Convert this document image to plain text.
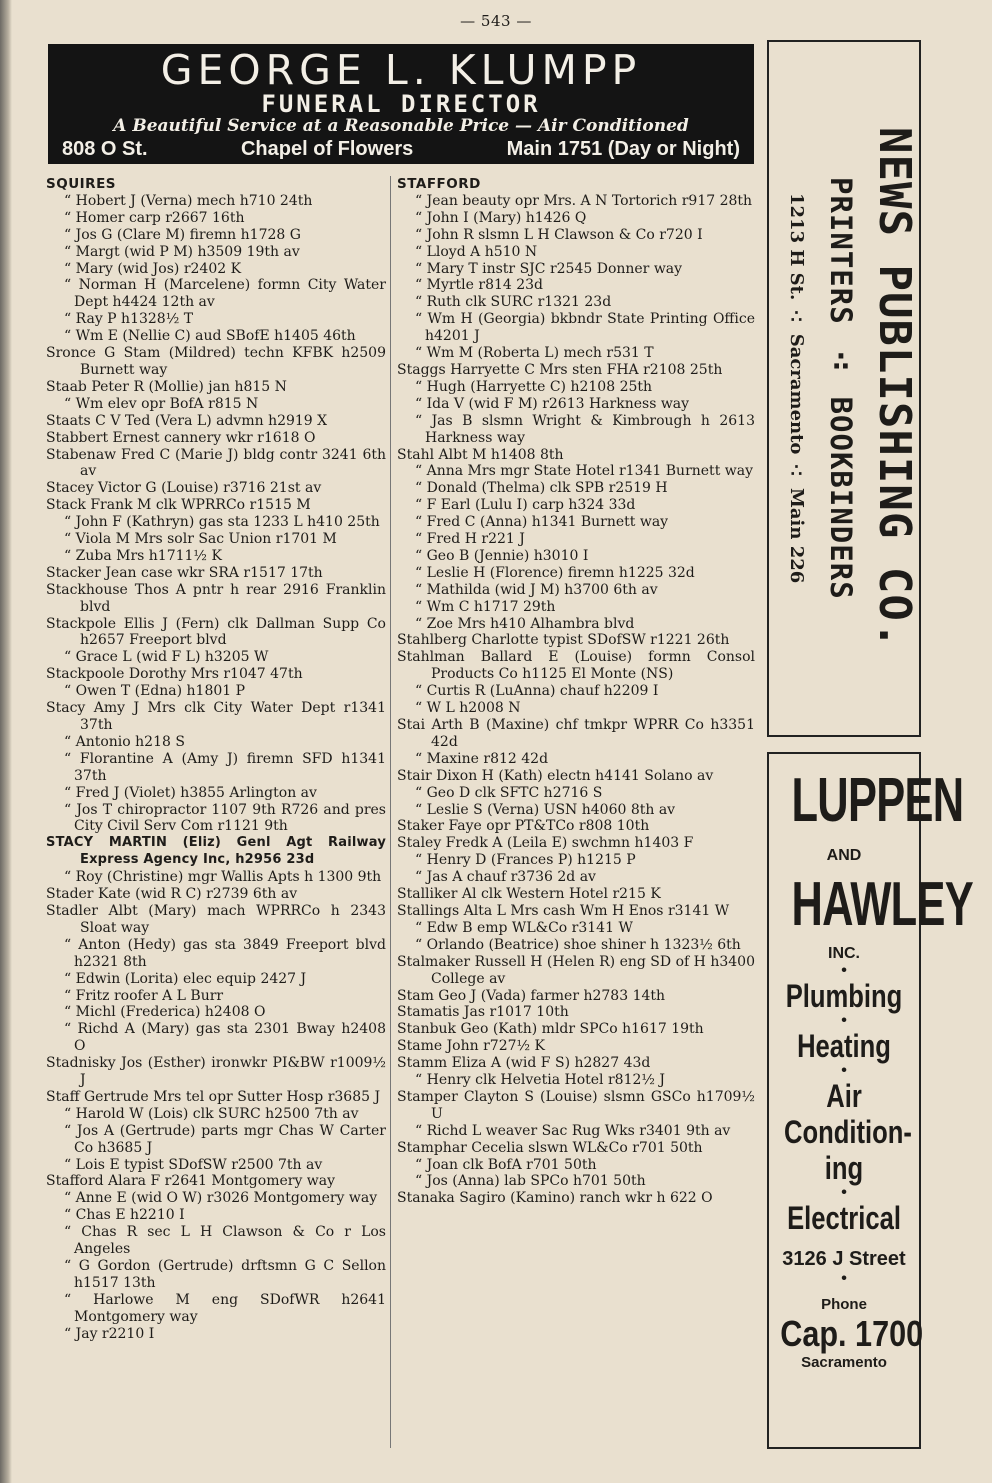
— 543 —
GEORGE L. KLUMPP
FUNERAL DIRECTOR
A Beautiful Service at a Reasonable Price — Air Conditioned
808 O St.	Chapel of Flowers	Main 1751 (Day or Night)
SQUIRES
“ Hobert J (Verna) mech h710 24th
“ Homer carp r2667 16th
“ Jos G (Clare M) firemn h1728 G
“ Margt (wid P M) h3509 19th av
“ Mary (wid Jos) r2402 K
“ Norman H (Marcelene) formn City Water Dept h4424 12th av
“ Ray P h1328½ T
“ Wm E (Nellie C) aud SBofE h1405 46th
Sronce G Stam (Mildred) techn KFBK h2509 Burnett way
Staab Peter R (Mollie) jan h815 N
“ Wm elev opr BofA r815 N
Staats C V Ted (Vera L) advmn h2919 X
Stabbert Ernest cannery wkr r1618 O
Stabenaw Fred C (Marie J) bldg contr 3241 6th av
Stacey Victor G (Louise) r3716 21st av
Stack Frank M clk WPRRCo r1515 M
“ John F (Kathryn) gas sta 1233 L h410 25th
“ Viola M Mrs solr Sac Union r1701 M
“ Zuba Mrs h1711½ K
Stacker Jean case wkr SRA r1517 17th
Stackhouse Thos A pntr h rear 2916 Franklin blvd
Stackpole Ellis J (Fern) clk Dallman Supp Co h2657 Freeport blvd
“ Grace L (wid F L) h3205 W
Stackpoole Dorothy Mrs r1047 47th
“ Owen T (Edna) h1801 P
Stacy Amy J Mrs clk City Water Dept r1341 37th
“ Antonio h218 S
“ Florantine A (Amy J) firemn SFD h1341 37th
“ Fred J (Violet) h3855 Arlington av
“ Jos T chiropractor 1107 9th R726 and pres City Civil Serv Com r1121 9th
STACY MARTIN (Eliz) Genl Agt Railway Express Agency Inc, h2956 23d
“ Roy (Christine) mgr Wallis Apts h 1300 9th
Stader Kate (wid R C) r2739 6th av
Stadler Albt (Mary) mach WPRRCo h 2343 Sloat way
“ Anton (Hedy) gas sta 3849 Freeport blvd h2321 8th
“ Edwin (Lorita) elec equip 2427 J
“ Fritz roofer A L Burr
“ Michl (Frederica) h2408 O
“ Richd A (Mary) gas sta 2301 Bway h2408 O
Stadnisky Jos (Esther) ironwkr PI&BW r1009½ J
Staff Gertrude Mrs tel opr Sutter Hosp r3685 J
“ Harold W (Lois) clk SURC h2500 7th av
“ Jos A (Gertrude) parts mgr Chas W Carter Co h3685 J
“ Lois E typist SDofSW r2500 7th av
Stafford Alara F r2641 Montgomery way
“ Anne E (wid O W) r3026 Montgomery way
“ Chas E h2210 I
“ Chas R sec L H Clawson & Co r Los Angeles
“ G Gordon (Gertrude) drftsmn G C Sellon h1517 13th
“ Harlowe M eng SDofWR h2641 Montgomery way
“ Jay r2210 I
STAFFORD
“ Jean beauty opr Mrs. A N Tortorich r917 28th
“ John I (Mary) h1426 Q
“ John R slsmn L H Clawson & Co r720 I
“ Lloyd A h510 N
“ Mary T instr SJC r2545 Donner way
“ Myrtle r814 23d
“ Ruth clk SURC r1321 23d
“ Wm H (Georgia) bkbndr State Printing Office h4201 J
“ Wm M (Roberta L) mech r531 T
Staggs Harryette C Mrs sten FHA r2108 25th
“ Hugh (Harryette C) h2108 25th
“ Ida V (wid F M) r2613 Harkness way
“ Jas B slsmn Wright & Kimbrough h 2613 Harkness way
Stahl Albt M h1408 8th
“ Anna Mrs mgr State Hotel r1341 Burnett way
“ Donald (Thelma) clk SPB r2519 H
“ F Earl (Lulu I) carp h324 33d
“ Fred C (Anna) h1341 Burnett way
“ Fred H r221 J
“ Geo B (Jennie) h3010 I
“ Leslie H (Florence) firemn h1225 32d
“ Mathilda (wid J M) h3700 6th av
“ Wm C h1717 29th
“ Zoe Mrs h410 Alhambra blvd
Stahlberg Charlotte typist SDofSW r1221 26th
Stahlman Ballard E (Louise) formn Consol Products Co h1125 El Monte (NS)
“ Curtis R (LuAnna) chauf h2209 I
“ W L h2008 N
Stai Arth B (Maxine) chf tmkpr WPRR Co h3351 42d
“ Maxine r812 42d
Stair Dixon H (Kath) electn h4141 Solano av
“ Geo D clk SFTC h2716 S
“ Leslie S (Verna) USN h4060 8th av
Staker Faye opr PT&TCo r808 10th
Staley Fredk A (Leila E) swchmn h1403 F
“ Henry D (Frances P) h1215 P
“ Jas A chauf r3736 2d av
Stalliker Al clk Western Hotel r215 K
Stallings Alta L Mrs cash Wm H Enos r3141 W
“ Edw B emp WL&Co r3141 W
“ Orlando (Beatrice) shoe shiner h 1323½ 6th
Stalmaker Russell H (Helen R) eng SD of H h3400 College av
Stam Geo J (Vada) farmer h2783 14th
Stamatis Jas r1017 10th
Stanbuk Geo (Kath) mldr SPCo h1617 19th
Stame John r727½ K
Stamm Eliza A (wid F S) h2827 43d
“ Henry clk Helvetia Hotel r812½ J
Stamper Clayton S (Louise) slsmn GSCo h1709½ U
“ Richd L weaver Sac Rug Wks r3401 9th av
Stamphar Cecelia slswn WL&Co r701 50th
“ Joan clk BofA r701 50th
“ Jos (Anna) lab SPCo h701 50th
Stanaka Sagiro (Kamino) ranch wkr h 622 O
NEWS PUBLISHING CO.
PRINTERS ∴ BOOKBINDERS
1213 H St. ∴ Sacramento ∴ Main 226
LUPPEN
AND
HAWLEY
INC.
•
Plumbing
•
Heating
•
Air
Condition-
ing
•
Electrical
3126 J Street
•
Phone
Cap. 1700
Sacramento
